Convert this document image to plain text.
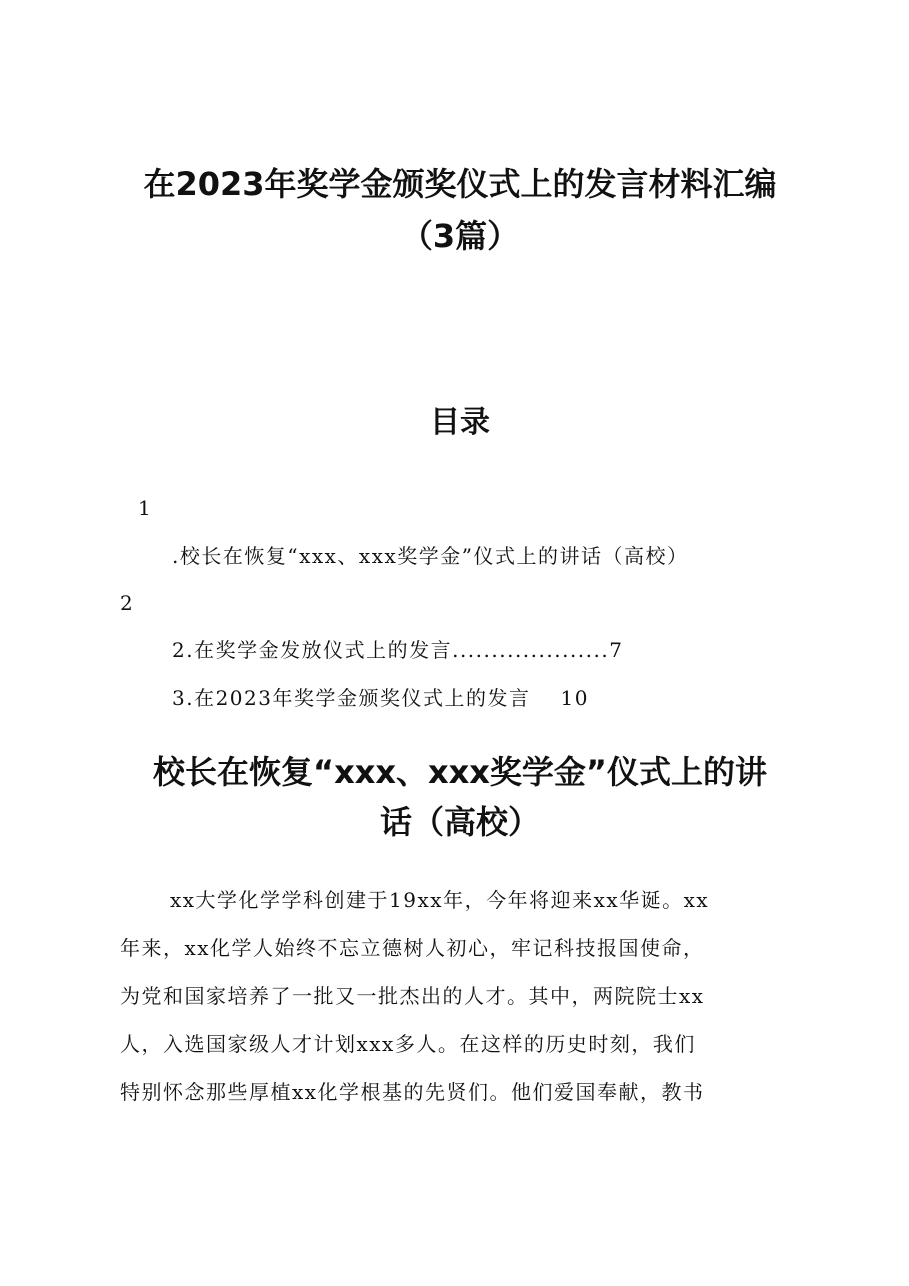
在2023年奖学金颁奖仪式上的发言材料汇编
（3篇）
目录
1
.校长在恢复“xxx、xxx奖学金”仪式上的讲话（高校）
2
2.在奖学金发放仪式上的发言....................7
3.在2023年奖学金颁奖仪式上的发言 10
校长在恢复“xxx、xxx奖学金”仪式上的讲
话（高校）
xx大学化学学科创建于19xx年，今年将迎来xx华诞。xx
年来，xx化学人始终不忘立德树人初心，牢记科技报国使命，
为党和国家培养了一批又一批杰出的人才。其中，两院院士xx
人，入选国家级人才计划xxx多人。在这样的历史时刻，我们
特别怀念那些厚植xx化学根基的先贤们。他们爱国奉献，教书
